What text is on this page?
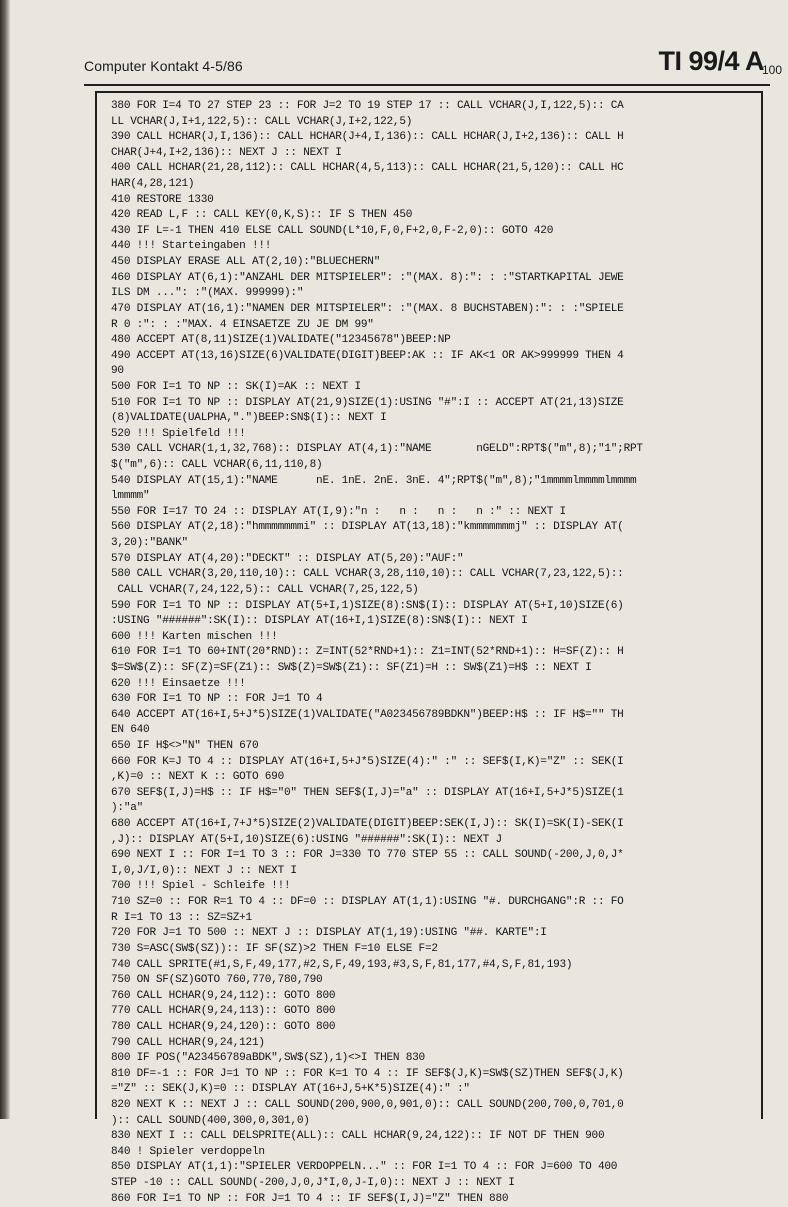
Computer Kontakt 4-5/86	TI 99/4 A
100
380 FOR I=4 TO 27 STEP 23 :: FOR J=2 TO 19 STEP 17 :: CALL VCHAR(J,I,122,5):: CA
LL VCHAR(J,I+1,122,5):: CALL VCHAR(J,I+2,122,5)
390 CALL HCHAR(J,I,136):: CALL HCHAR(J+4,I,136):: CALL HCHAR(J,I+2,136):: CALL H
CHAR(J+4,I+2,136):: NEXT J :: NEXT I
400 CALL HCHAR(21,28,112):: CALL HCHAR(4,5,113):: CALL HCHAR(21,5,120):: CALL HC
HAR(4,28,121)
410 RESTORE 1330
420 READ L,F :: CALL KEY(0,K,S):: IF S THEN 450
430 IF L=-1 THEN 410 ELSE CALL SOUND(L*10,F,0,F+2,0,F-2,0):: GOTO 420
440 !!! Starteingaben !!!
450 DISPLAY ERASE ALL AT(2,10):"BLUECHERN"
460 DISPLAY AT(6,1):"ANZAHL DER MITSPIELER": :"(MAX. 8):": : :"STARTKAPITAL JEWE
ILS DM ...": :"(MAX. 999999):"
470 DISPLAY AT(16,1):"NAMEN DER MITSPIELER": :"(MAX. 8 BUCHSTABEN):": : :"SPIELE
R 0 :": : :"MAX. 4 EINSAETZE ZU JE DM 99"
480 ACCEPT AT(8,11)SIZE(1)VALIDATE("12345678")BEEP:NP
490 ACCEPT AT(13,16)SIZE(6)VALIDATE(DIGIT)BEEP:AK :: IF AK<1 OR AK>999999 THEN 4
90
500 FOR I=1 TO NP :: SK(I)=AK :: NEXT I
510 FOR I=1 TO NP :: DISPLAY AT(21,9)SIZE(1):USING "#":I :: ACCEPT AT(21,13)SIZE
(8)VALIDATE(UALPHA,".")BEEP:SN$(I):: NEXT I
520 !!! Spielfeld !!!
530 CALL VCHAR(1,1,32,768):: DISPLAY AT(4,1):"NAME       nGELD":RPT$("m",8);"1";RPT
$("m",6):: CALL VCHAR(6,11,110,8)
540 DISPLAY AT(15,1):"NAME      nE. 1nE. 2nE. 3nE. 4";RPT$("m",8);"1mmmmlmmmmlmmmm
lmmmm"
550 FOR I=17 TO 24 :: DISPLAY AT(I,9):"n :   n :   n :   n :" :: NEXT I
560 DISPLAY AT(2,18):"hmmmmmmmi" :: DISPLAY AT(13,18):"kmmmmmmmj" :: DISPLAY AT(
3,20):"BANK"
570 DISPLAY AT(4,20):"DECKT" :: DISPLAY AT(5,20):"AUF:"
580 CALL VCHAR(3,20,110,10):: CALL VCHAR(3,28,110,10):: CALL VCHAR(7,23,122,5)::
CALL VCHAR(7,24,122,5):: CALL VCHAR(7,25,122,5)
590 FOR I=1 TO NP :: DISPLAY AT(5+I,1)SIZE(8):SN$(I):: DISPLAY AT(5+I,10)SIZE(6)
:USING "######":SK(I):: DISPLAY AT(16+I,1)SIZE(8):SN$(I):: NEXT I
600 !!! Karten mischen !!!
610 FOR I=1 TO 60+INT(20*RND):: Z=INT(52*RND+1):: Z1=INT(52*RND+1):: H=SF(Z):: H
$=SW$(Z):: SF(Z)=SF(Z1):: SW$(Z)=SW$(Z1):: SF(Z1)=H :: SW$(Z1)=H$ :: NEXT I
620 !!! Einsaetze !!!
630 FOR I=1 TO NP :: FOR J=1 TO 4
640 ACCEPT AT(16+I,5+J*5)SIZE(1)VALIDATE("A023456789BDKN")BEEP:H$ :: IF H$="" TH
EN 640
650 IF H$<>"N" THEN 670
660 FOR K=J TO 4 :: DISPLAY AT(16+I,5+J*5)SIZE(4):" :" :: SEF$(I,K)="Z" :: SEK(I
,K)=0 :: NEXT K :: GOTO 690
670 SEF$(I,J)=H$ :: IF H$="0" THEN SEF$(I,J)="a" :: DISPLAY AT(16+I,5+J*5)SIZE(1
):"a"
680 ACCEPT AT(16+I,7+J*5)SIZE(2)VALIDATE(DIGIT)BEEP:SEK(I,J):: SK(I)=SK(I)-SEK(I
,J):: DISPLAY AT(5+I,10)SIZE(6):USING "######":SK(I):: NEXT J
690 NEXT I :: FOR I=1 TO 3 :: FOR J=330 TO 770 STEP 55 :: CALL SOUND(-200,J,0,J*
I,0,J/I,0):: NEXT J :: NEXT I
700 !!! Spiel - Schleife !!!
710 SZ=0 :: FOR R=1 TO 4 :: DF=0 :: DISPLAY AT(1,1):USING "#. DURCHGANG":R :: FO
R I=1 TO 13 :: SZ=SZ+1
720 FOR J=1 TO 500 :: NEXT J :: DISPLAY AT(1,19):USING "##. KARTE":I
730 S=ASC(SW$(SZ)):: IF SF(SZ)>2 THEN F=10 ELSE F=2
740 CALL SPRITE(#1,S,F,49,177,#2,S,F,49,193,#3,S,F,81,177,#4,S,F,81,193)
750 ON SF(SZ)GOTO 760,770,780,790
760 CALL HCHAR(9,24,112):: GOTO 800
770 CALL HCHAR(9,24,113):: GOTO 800
780 CALL HCHAR(9,24,120):: GOTO 800
790 CALL HCHAR(9,24,121)
800 IF POS("A23456789aBDK",SW$(SZ),1)<>I THEN 830
810 DF=-1 :: FOR J=1 TO NP :: FOR K=1 TO 4 :: IF SEF$(J,K)=SW$(SZ)THEN SEF$(J,K)
="Z" :: SEK(J,K)=0 :: DISPLAY AT(16+J,5+K*5)SIZE(4):" :"
820 NEXT K :: NEXT J :: CALL SOUND(200,900,0,901,0):: CALL SOUND(200,700,0,701,0
):: CALL SOUND(400,300,0,301,0)
830 NEXT I :: CALL DELSPRITE(ALL):: CALL HCHAR(9,24,122):: IF NOT DF THEN 900
840 ! Spieler verdoppeln
850 DISPLAY AT(1,1):"SPIELER VERDOPPELN..." :: FOR I=1 TO 4 :: FOR J=600 TO 400
STEP -10 :: CALL SOUND(-200,J,0,J*I,0,J-I,0):: NEXT J :: NEXT I
860 FOR I=1 TO NP :: FOR J=1 TO 4 :: IF SEF$(I,J)="Z" THEN 880
